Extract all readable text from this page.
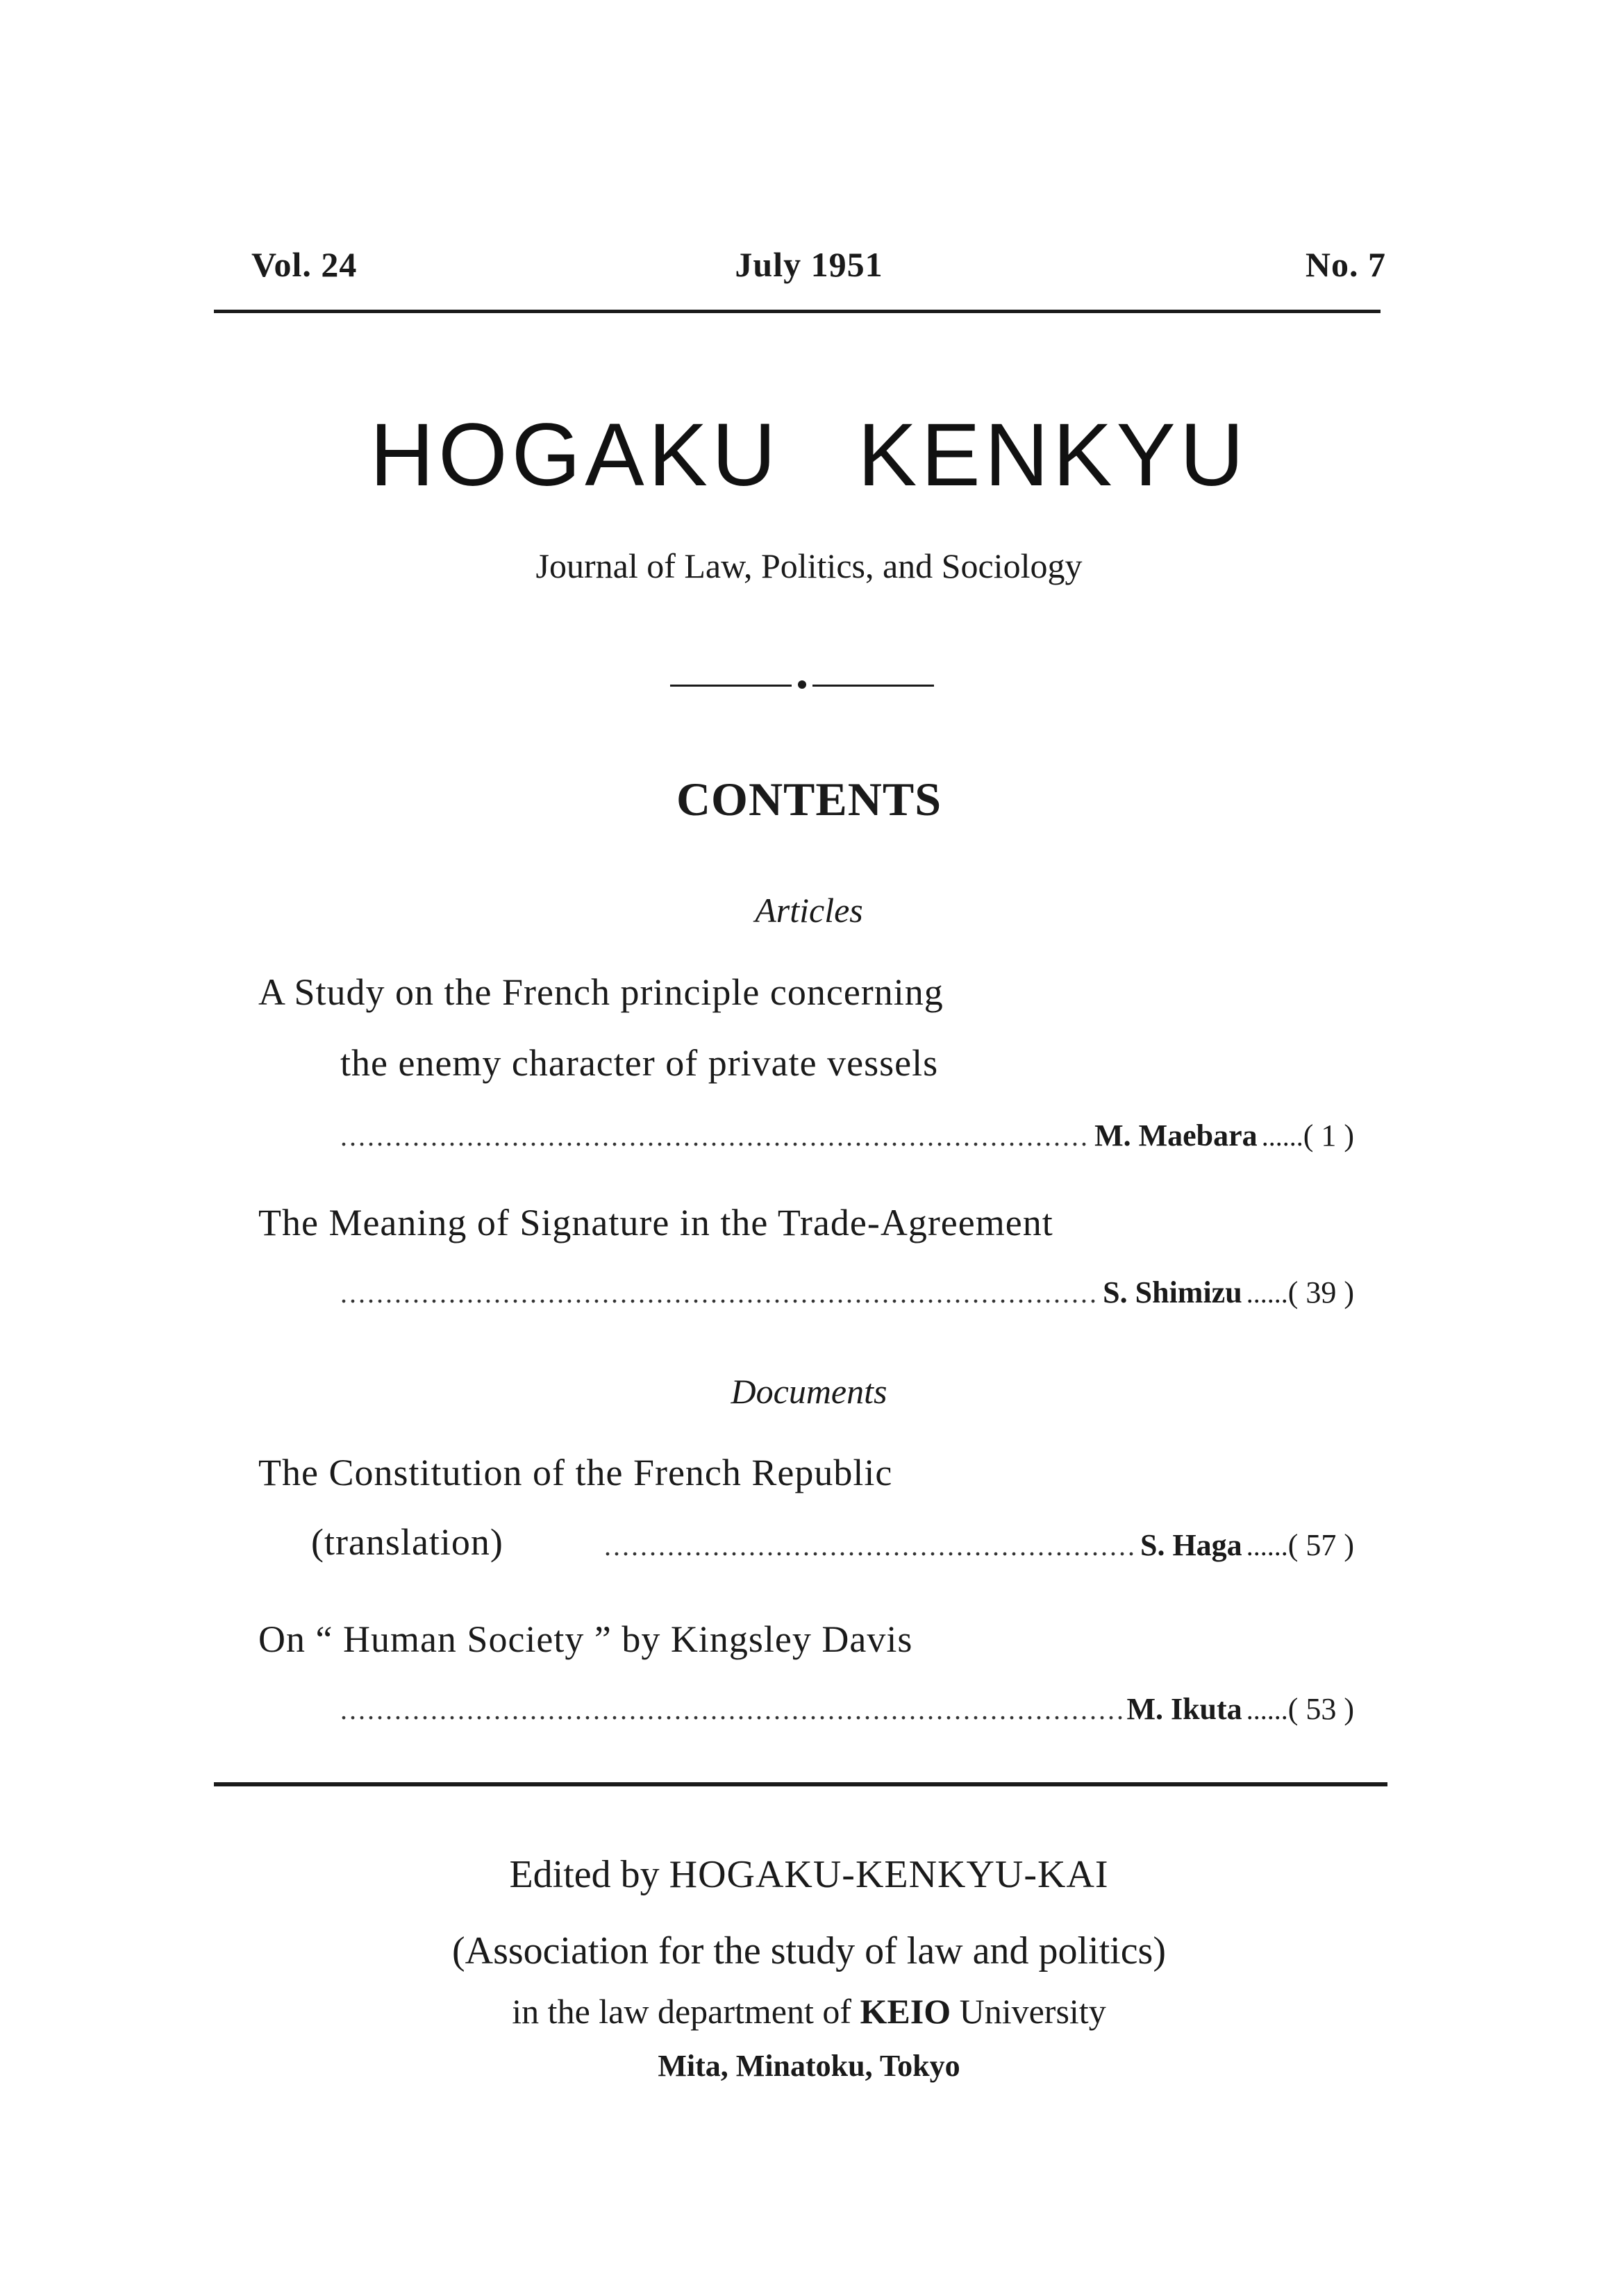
Vol. 24	July 1951	No. 7
HOGAKU KENKYU
Journal of Law, Politics, and Sociology
CONTENTS
Articles
A Study on the French principle concerning
the enemy character of private vessels
.....
M. Maebara ...... ( 1 )
The Meaning of Signature in the Trade-Agreement
.....
S. Shimizu ...... ( 39 )
Documents
The Constitution of the French Republic
(translation)
.....	S. Haga ...... ( 57 )
On “ Human Society ” by Kingsley Davis
.....
M. Ikuta ...... ( 53 )
Edited by HOGAKU-KENKYU-KAI
(Association for the study of law and politics)
in the law department of KEIO University
Mita, Minatoku, Tokyo
